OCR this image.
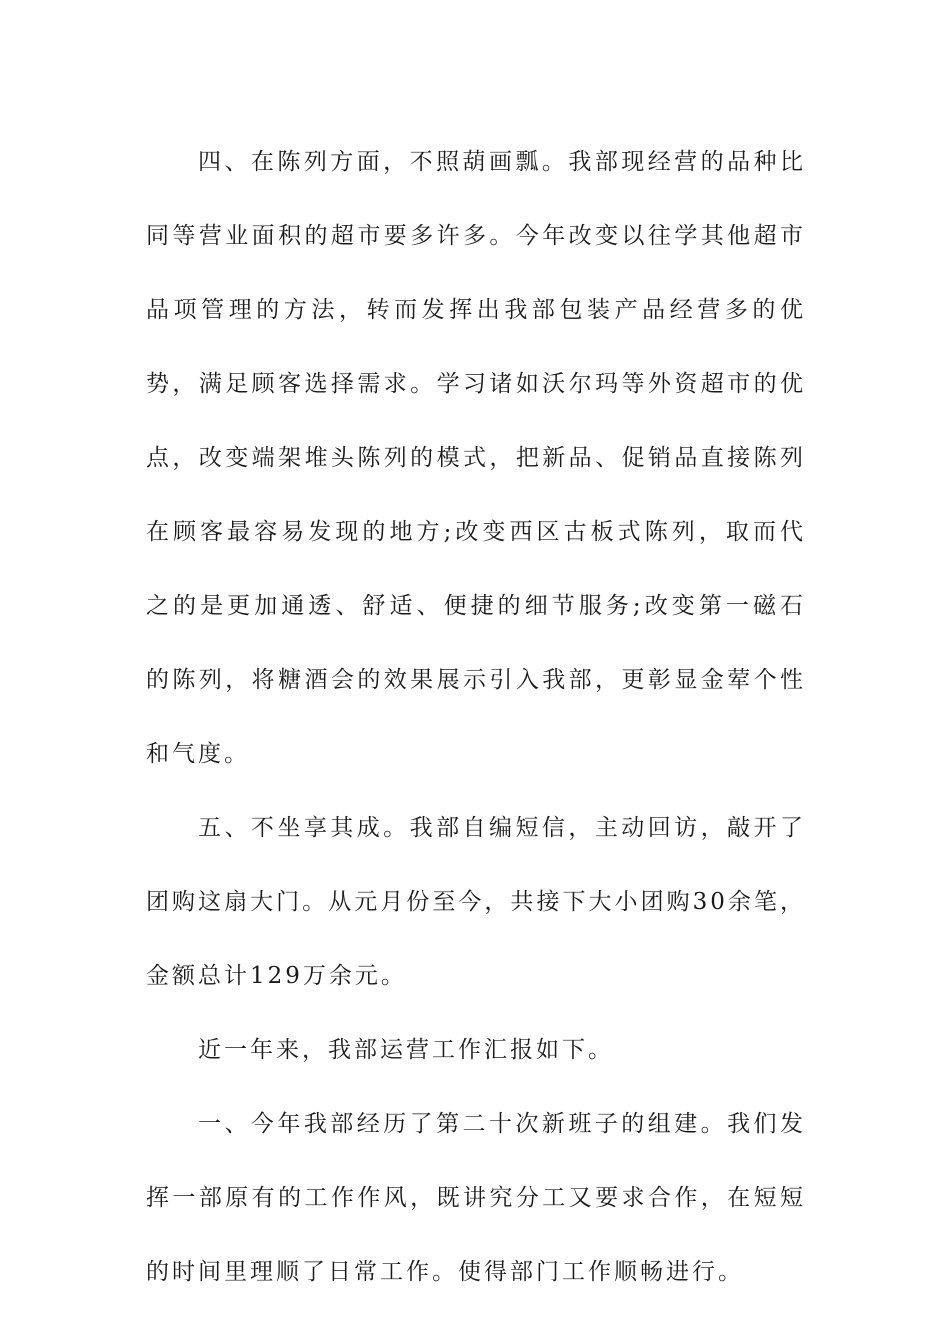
四、在陈列方面，不照葫画瓢。我部现经营的品种比同等营业面积的超市要多许多。今年改变以往学其他超市品项管理的方法，转而发挥出我部包装产品经营多的优势，满足顾客选择需求。学习诸如沃尔玛等外资超市的优点，改变端架堆头陈列的模式，把新品、促销品直接陈列在顾客最容易发现的地方;改变西区古板式陈列，取而代之的是更加通透、舒适、便捷的细节服务;改变第一磁石的陈列，将糖酒会的效果展示引入我部，更彰显金荤个性和气度。

五、不坐享其成。我部自编短信，主动回访，敲开了团购这扇大门。从元月份至今，共接下大小团购30余笔，金额总计129万余元。

近一年来，我部运营工作汇报如下。

一、今年我部经历了第二十次新班子的组建。我们发挥一部原有的工作作风，既讲究分工又要求合作，在短短的时间里理顺了日常工作。使得部门工作顺畅进行。
